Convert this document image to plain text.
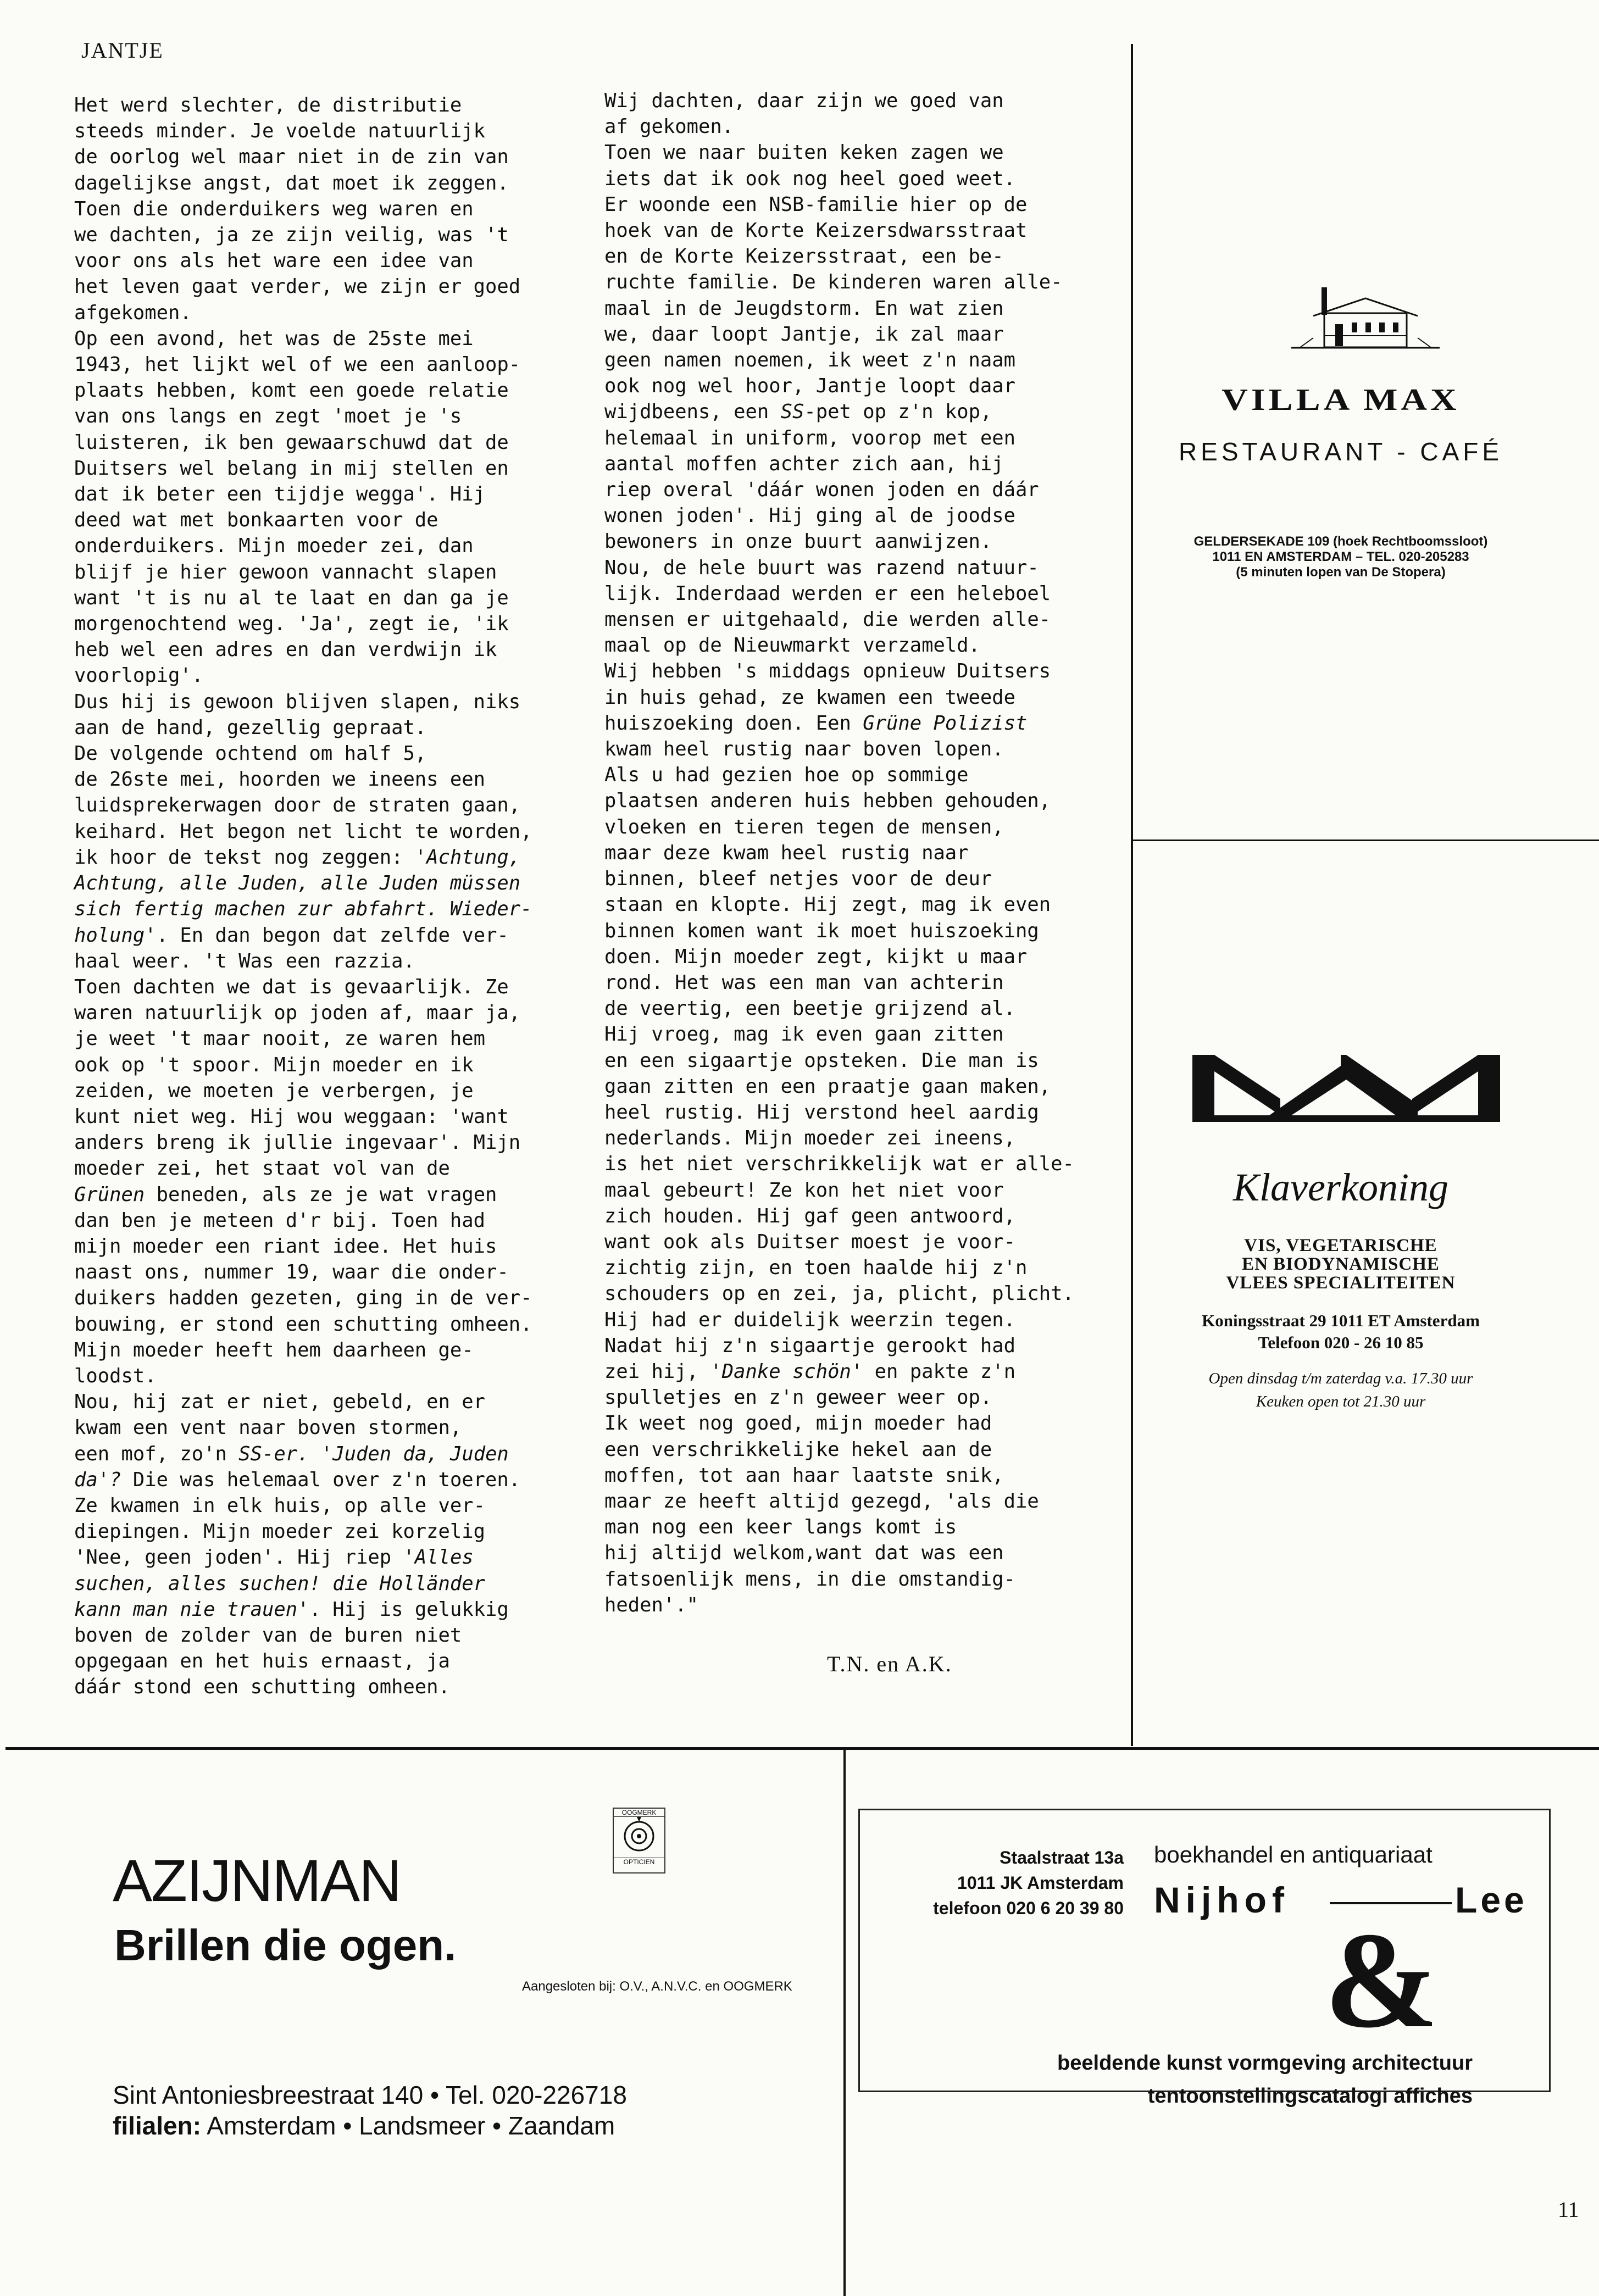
JANTJE
Het werd slechter, de distributie
steeds minder. Je voelde natuurlijk
de oorlog wel maar niet in de zin van
dagelijkse angst, dat moet ik zeggen.
Toen die onderduikers weg waren en
we dachten, ja ze zijn veilig, was 't
voor ons als het ware een idee van
het leven gaat verder, we zijn er goed
afgekomen.
Op een avond, het was de 25ste mei
1943, het lijkt wel of we een aanloop-
plaats hebben, komt een goede relatie
van ons langs en zegt 'moet je 's
luisteren, ik ben gewaarschuwd dat de
Duitsers wel belang in mij stellen en
dat ik beter een tijdje wegga'. Hij
deed wat met bonkaarten voor de
onderduikers. Mijn moeder zei, dan
blijf je hier gewoon vannacht slapen
want 't is nu al te laat en dan ga je
morgenochtend weg. 'Ja', zegt ie, 'ik
heb wel een adres en dan verdwijn ik
voorlopig'.
Dus hij is gewoon blijven slapen, niks
aan de hand, gezellig gepraat.
De volgende ochtend om half 5,
de 26ste mei, hoorden we ineens een
luidsprekerwagen door de straten gaan,
keihard. Het begon net licht te worden,
ik hoor de tekst nog zeggen: 'Achtung,
Achtung, alle Juden, alle Juden müssen
sich fertig machen zur abfahrt. Wieder-
holung'. En dan begon dat zelfde ver-
haal weer. 't Was een razzia.
Toen dachten we dat is gevaarlijk. Ze
waren natuurlijk op joden af, maar ja,
je weet 't maar nooit, ze waren hem
ook op 't spoor. Mijn moeder en ik
zeiden, we moeten je verbergen, je
kunt niet weg. Hij wou weggaan: 'want
anders breng ik jullie ingevaar'. Mijn
moeder zei, het staat vol van de
Grünen beneden, als ze je wat vragen
dan ben je meteen d'r bij. Toen had
mijn moeder een riant idee. Het huis
naast ons, nummer 19, waar die onder-
duikers hadden gezeten, ging in de ver-
bouwing, er stond een schutting omheen.
Mijn moeder heeft hem daarheen ge-
loodst.
Nou, hij zat er niet, gebeld, en er
kwam een vent naar boven stormen,
een mof, zo'n SS-er. 'Juden da, Juden
da'? Die was helemaal over z'n toeren.
Ze kwamen in elk huis, op alle ver-
diepingen. Mijn moeder zei korzelig
'Nee, geen joden'. Hij riep 'Alles
suchen, alles suchen! die Holländer
kann man nie trauen'. Hij is gelukkig
boven de zolder van de buren niet
opgegaan en het huis ernaast, ja
dáár stond een schutting omheen.
Wij dachten, daar zijn we goed van
af gekomen.
Toen we naar buiten keken zagen we
iets dat ik ook nog heel goed weet.
Er woonde een NSB-familie hier op de
hoek van de Korte Keizersdwarsstraat
en de Korte Keizersstraat, een be-
ruchte familie. De kinderen waren alle-
maal in de Jeugdstorm. En wat zien
we, daar loopt Jantje, ik zal maar
geen namen noemen, ik weet z'n naam
ook nog wel hoor, Jantje loopt daar
wijdbeens, een SS-pet op z'n kop,
helemaal in uniform, voorop met een
aantal moffen achter zich aan, hij
riep overal 'dáár wonen joden en dáár
wonen joden'. Hij ging al de joodse
bewoners in onze buurt aanwijzen.
Nou, de hele buurt was razend natuur-
lijk. Inderdaad werden er een heleboel
mensen er uitgehaald, die werden alle-
maal op de Nieuwmarkt verzameld.
Wij hebben 's middags opnieuw Duitsers
in huis gehad, ze kwamen een tweede
huiszoeking doen. Een Grüne Polizist
kwam heel rustig naar boven lopen.
Als u had gezien hoe op sommige
plaatsen anderen huis hebben gehouden,
vloeken en tieren tegen de mensen,
maar deze kwam heel rustig naar
binnen, bleef netjes voor de deur
staan en klopte. Hij zegt, mag ik even
binnen komen want ik moet huiszoeking
doen. Mijn moeder zegt, kijkt u maar
rond. Het was een man van achterin
de veertig, een beetje grijzend al.
Hij vroeg, mag ik even gaan zitten
en een sigaartje opsteken. Die man is
gaan zitten en een praatje gaan maken,
heel rustig. Hij verstond heel aardig
nederlands. Mijn moeder zei ineens,
is het niet verschrikkelijk wat er alle-
maal gebeurt! Ze kon het niet voor
zich houden. Hij gaf geen antwoord,
want ook als Duitser moest je voor-
zichtig zijn, en toen haalde hij z'n
schouders op en zei, ja, plicht, plicht.
Hij had er duidelijk weerzin tegen.
Nadat hij z'n sigaartje gerookt had
zei hij, 'Danke schön' en pakte z'n
spulletjes en z'n geweer weer op.
Ik weet nog goed, mijn moeder had
een verschrikkelijke hekel aan de
moffen, tot aan haar laatste snik,
maar ze heeft altijd gezegd, 'als die
man nog een keer langs komt is
hij altijd welkom,want dat was een
fatsoenlijk mens, in die omstandig-
heden'."
T.N. en A.K.
VILLA MAX
RESTAURANT - CAFÉ
GELDERSEKADE 109 (hoek Rechtboomssloot)
1011 EN AMSTERDAM – TEL. 020-205283
(5 minuten lopen van De Stopera)
Klaverkoning
VIS, VEGETARISCHE
EN BIODYNAMISCHE
VLEES SPECIALITEITEN
Koningsstraat 29 1011 ET Amsterdam
Telefoon 020 - 26 10 85
Open dinsdag t/m zaterdag v.a. 17.30 uur
Keuken open tot 21.30 uur
AZIJNMAN
OOGMERK
OPTICIEN
Brillen die ogen.
Aangesloten bij: O.V., A.N.V.C. en OOGMERK
Sint Antoniesbreestraat 140 • Tel. 020-226718
filialen: Amsterdam • Landsmeer • Zaandam
Staalstraat 13a
1011 JK Amsterdam
telefoon 020 6 20 39 80
boekhandel en antiquariaat
Nijhof	Lee
&
beeldende kunst vormgeving architectuur
tentoonstellingscatalogi affiches
11
